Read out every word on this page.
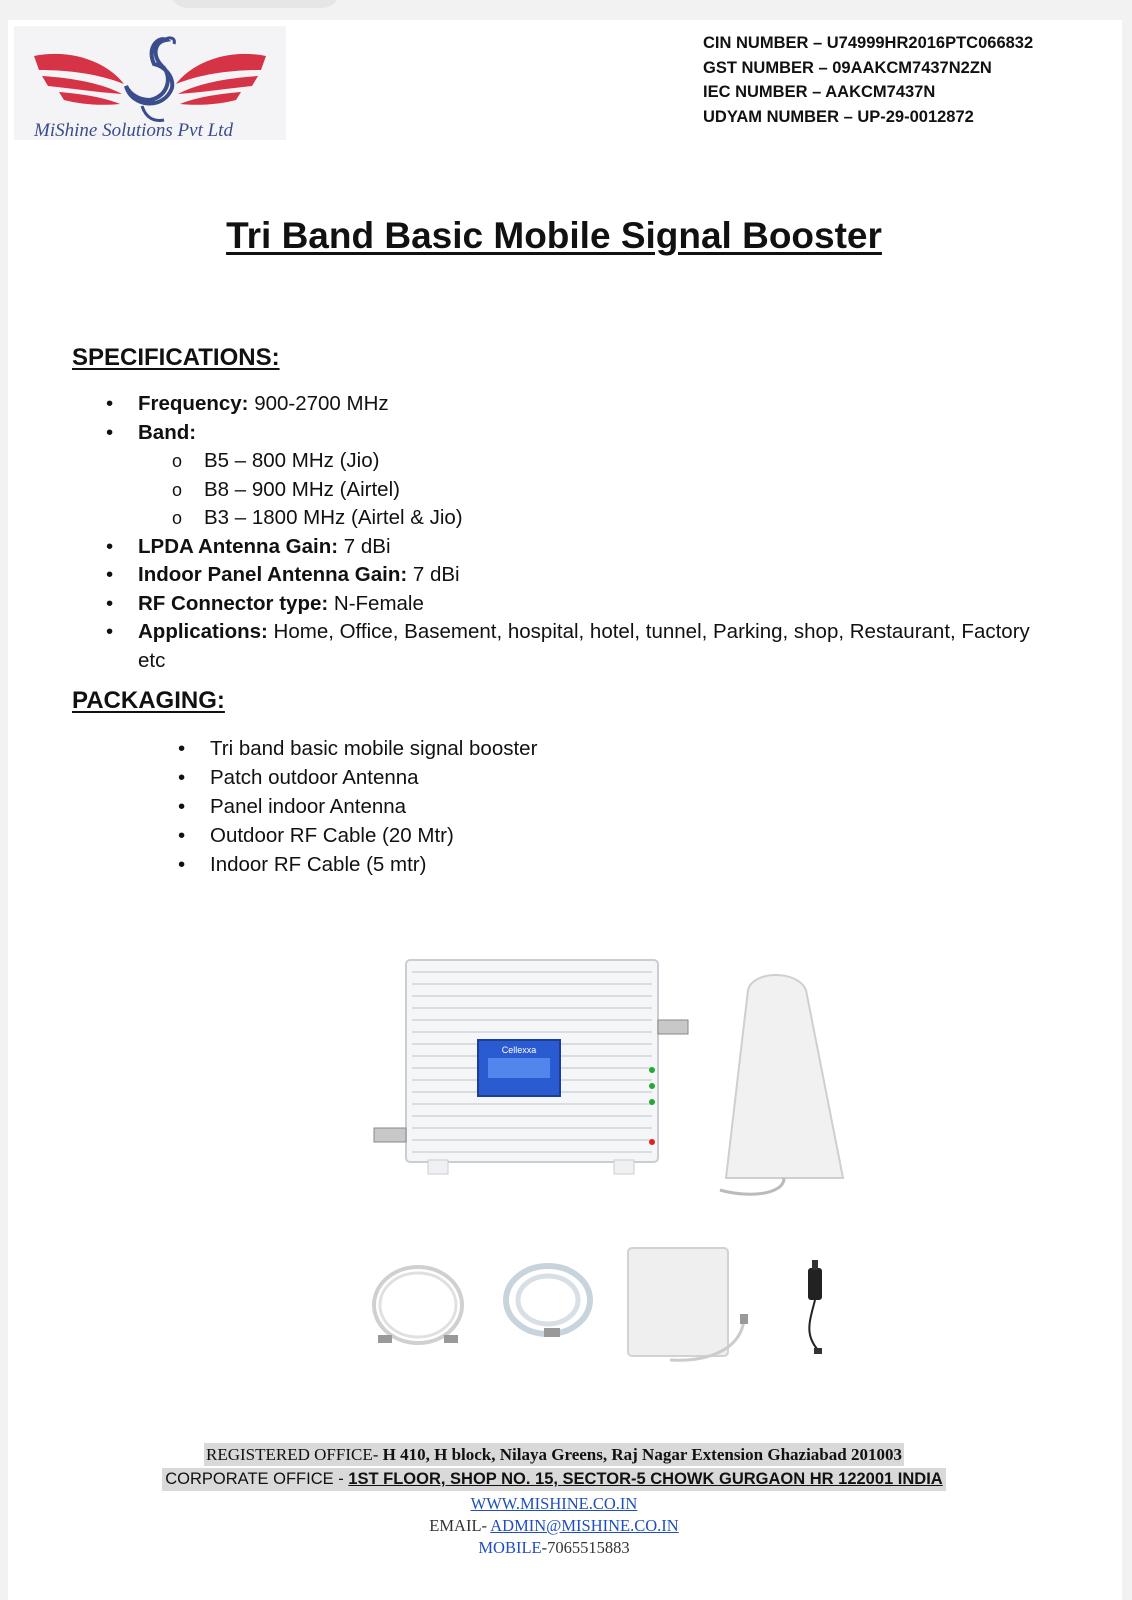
MiShine Solutions Pvt Ltd
CIN NUMBER – U74999HR2016PTC066832
GST NUMBER – 09AAKCM7437N2ZN
IEC NUMBER – AAKCM7437N
UDYAM NUMBER – UP-29-0012872
Tri Band Basic Mobile Signal Booster
SPECIFICATIONS:
• Frequency: 900-2700 MHz
• Band:
o B5 – 800 MHz (Jio)
o B8 – 900 MHz (Airtel)
o B3 – 1800 MHz (Airtel & Jio)
• LPDA Antenna Gain: 7 dBi
• Indoor Panel Antenna Gain: 7 dBi
• RF Connector type: N-Female
• Applications: Home, Office, Basement, hospital, hotel, tunnel, Parking, shop, Restaurant, Factory etc
PACKAGING:
• Tri band basic mobile signal booster
• Patch outdoor Antenna
• Panel indoor Antenna
• Outdoor RF Cable (20 Mtr)
• Indoor RF Cable (5 mtr)
Cellexxa
REGISTERED OFFICE- H 410, H block, Nilaya Greens, Raj Nagar Extension Ghaziabad 201003
CORPORATE OFFICE - 1ST FLOOR, SHOP NO. 15, SECTOR-5 CHOWK GURGAON HR 122001 INDIA
WWW.MISHINE.CO.IN
EMAIL- ADMIN@MISHINE.CO.IN
MOBILE-7065515883
